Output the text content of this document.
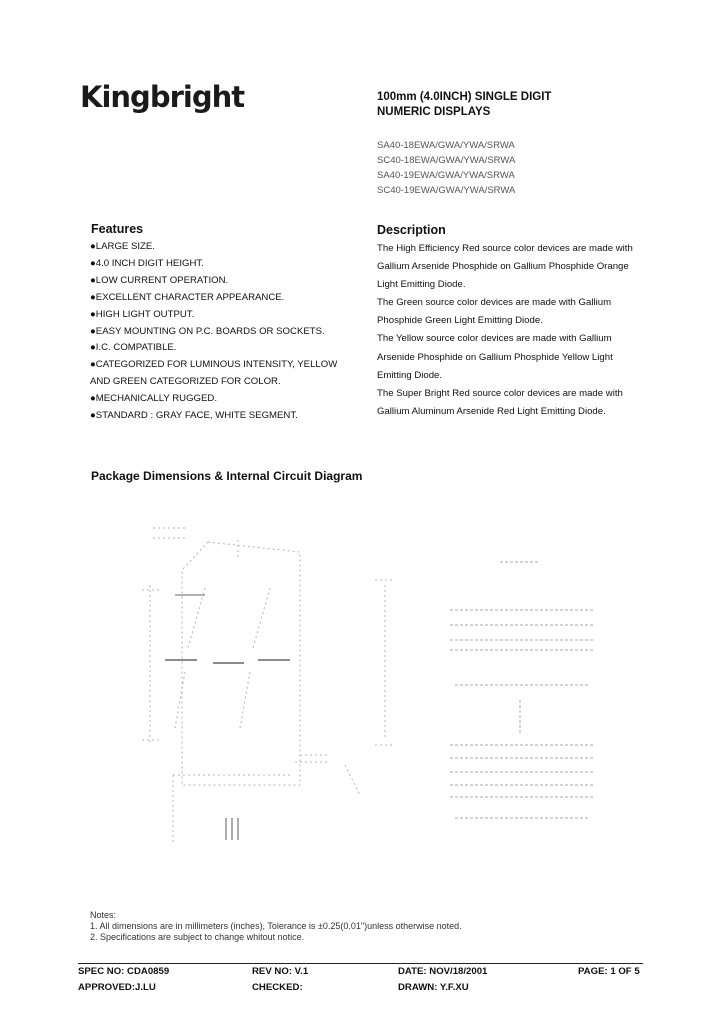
Kingbright	100mm (4.0INCH) SINGLE DIGIT
NUMERIC DISPLAYS
SA40-18EWA/GWA/YWA/SRWA
SC40-18EWA/GWA/YWA/SRWA
SA40-19EWA/GWA/YWA/SRWA
SC40-19EWA/GWA/YWA/SRWA
Features	Description
●LARGE SIZE.
●4.0 INCH DIGIT HEIGHT.
●LOW CURRENT OPERATION.
●EXCELLENT CHARACTER APPEARANCE.
●HIGH LIGHT OUTPUT.
●EASY MOUNTING ON P.C. BOARDS OR SOCKETS.
●I.C. COMPATIBLE.
●CATEGORIZED FOR LUMINOUS INTENSITY, YELLOW
AND GREEN CATEGORIZED FOR COLOR.
●MECHANICALLY RUGGED.
●STANDARD : GRAY FACE, WHITE SEGMENT.
The High Efficiency Red source color devices are made with
Gallium Arsenide Phosphide on Gallium Phosphide Orange
Light Emitting Diode.
The Green source color devices are made with Gallium
Phosphide Green Light Emitting Diode.
The Yellow source color devices are made with Gallium
Arsenide Phosphide on Gallium Phosphide Yellow Light
Emitting Diode.
The Super Bright Red source color devices are made with
Gallium Aluminum Arsenide Red Light Emitting Diode.
Package Dimensions & Internal Circuit Diagram
Notes:
1. All dimensions are in millimeters (inches), Tolerance is ±0.25(0.01")unless otherwise noted.
2. Specifications are subject to change whitout notice.
SPEC NO: CDA0859	REV NO: V.1	DATE: NOV/18/2001	PAGE: 1 OF 5
APPROVED:J.LU	CHECKED:	DRAWN: Y.F.XU
